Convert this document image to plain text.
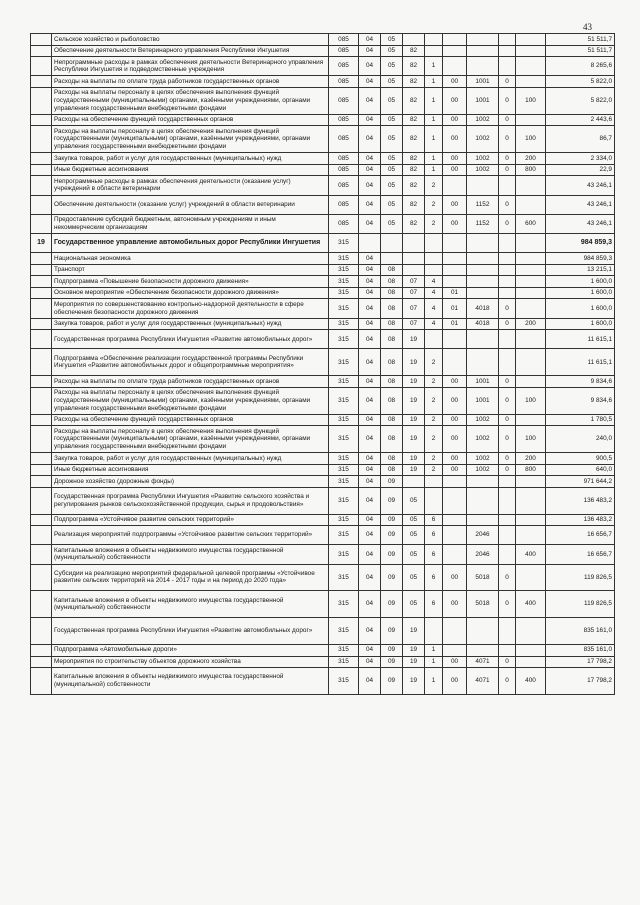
43
	Сельское хозяйство и рыболовство	085	04	05							51 511,7
	Обеспечение деятельности Ветеринарного управления Республики Ингушетия	085	04	05	82						51 511,7
	Непрограммные расходы в рамках обеспечения деятельности Ветеринарного управления Республики Ингушетия и подведомственные учреждения	085	04	05	82	1					8 265,6
	Расходы на выплаты по оплате труда работников государственных органов	085	04	05	82	1	00	1001	0		5 822,0
	Расходы на выплаты персоналу в целях обеспечения выполнения функций государственными (муниципальными) органами, казёнными учреждениями, органами управления государственными внебюджетными фондами	085	04	05	82	1	00	1001	0	100	5 822,0
	Расходы на обеспечение функций государственных органов	085	04	05	82	1	00	1002	0		2 443,6
	Расходы на выплаты персоналу в целях обеспечения выполнения функций государственными (муниципальными) органами, казёнными учреждениями, органами управления государственными внебюджетными фондами	085	04	05	82	1	00	1002	0	100	86,7
	Закупка товаров, работ и услуг для государственных (муниципальных) нужд	085	04	05	82	1	00	1002	0	200	2 334,0
	Иные бюджетные ассигнования	085	04	05	82	1	00	1002	0	800	22,9
	Непрограммные расходы в рамках обеспечения деятельности (оказание услуг) учреждений в области ветеринарии	085	04	05	82	2					43 246,1
	Обеспечение деятельности (оказание услуг) учреждений в области ветеринарии	085	04	05	82	2	00	1152	0		43 246,1
	Предоставление субсидий бюджетным, автономным учреждениям и иным некоммерческим организациям	085	04	05	82	2	00	1152	0	600	43 246,1
19	Государственное управление автомобильных дорог Республики Ингушетия	315									984 859,3
	Национальная экономика	315	04								984 859,3
	Транспорт	315	04	08							13 215,1
	Подпрограмма «Повышение безопасности дорожного движения»	315	04	08	07	4					1 600,0
	Основное мероприятие «Обеспечение безопасности дорожного движения»	315	04	08	07	4	01				1 600,0
	Мероприятия по совершенствованию контрольно-надзорной деятельности в сфере обеспечения безопасности дорожного движения	315	04	08	07	4	01	4018	0		1 600,0
	Закупка товаров, работ и услуг для государственных (муниципальных) нужд	315	04	08	07	4	01	4018	0	200	1 600,0
	Государственная программа Республики Ингушетия «Развитие автомобильных дорог»	315	04	08	19						11 615,1
	Подпрограмма «Обеспечение реализации государственной программы Республики Ингушетия «Развитие автомобильных дорог и общепрограммные мероприятия»	315	04	08	19	2					11 615,1
	Расходы на выплаты по оплате труда работников государственных органов	315	04	08	19	2	00	1001	0		9 834,6
	Расходы на выплаты персоналу в целях обеспечения выполнения функций государственными (муниципальными) органами, казёнными учреждениями, органами управления государственными внебюджетными фондами	315	04	08	19	2	00	1001	0	100	9 834,6
	Расходы на обеспечение функций государственных органов	315	04	08	19	2	00	1002	0		1 780,5
	Расходы на выплаты персоналу в целях обеспечения выполнения функций государственными (муниципальными) органами, казёнными учреждениями, органами управления государственными внебюджетными фондами	315	04	08	19	2	00	1002	0	100	240,0
	Закупка товаров, работ и услуг для государственных (муниципальных) нужд	315	04	08	19	2	00	1002	0	200	900,5
	Иные бюджетные ассигнования	315	04	08	19	2	00	1002	0	800	640,0
	Дорожное хозяйство (дорожные фонды)	315	04	09							971 644,2
	Государственная программа Республики Ингушетия «Развитие сельского хозяйства и регулирования рынков сельскохозяйственной продукции, сырья и продовольствия»	315	04	09	05						136 483,2
	Подпрограмма «Устойчивое развитие сельских территорий»	315	04	09	05	6					136 483,2
	Реализация мероприятий подпрограммы «Устойчивое развитие сельских территорий»	315	04	09	05	6		2046			16 656,7
	Капитальные вложения в объекты недвижимого имущества государственной (муниципальной) собственности	315	04	09	05	6		2046		400	16 656,7
	Субсидии на реализацию мероприятий федеральной целевой программы «Устойчивое развитие сельских территорий на 2014 - 2017 годы и на период до 2020 года»	315	04	09	05	6	00	5018	0		119 826,5
	Капитальные вложения в объекты недвижимого имущества государственной (муниципальной) собственности	315	04	09	05	6	00	5018	0	400	119 826,5
	Государственная программа Республики Ингушетия «Развитие автомобильных дорог»	315	04	09	19						835 161,0
	Подпрограмма «Автомобильные дороги»	315	04	09	19	1					835 161,0
	Мероприятия по строительству объектов дорожного хозяйства	315	04	09	19	1	00	4071	0		17 798,2
	Капитальные вложения в объекты недвижимого имущества государственной (муниципальной) собственности	315	04	09	19	1	00	4071	0	400	17 798,2
